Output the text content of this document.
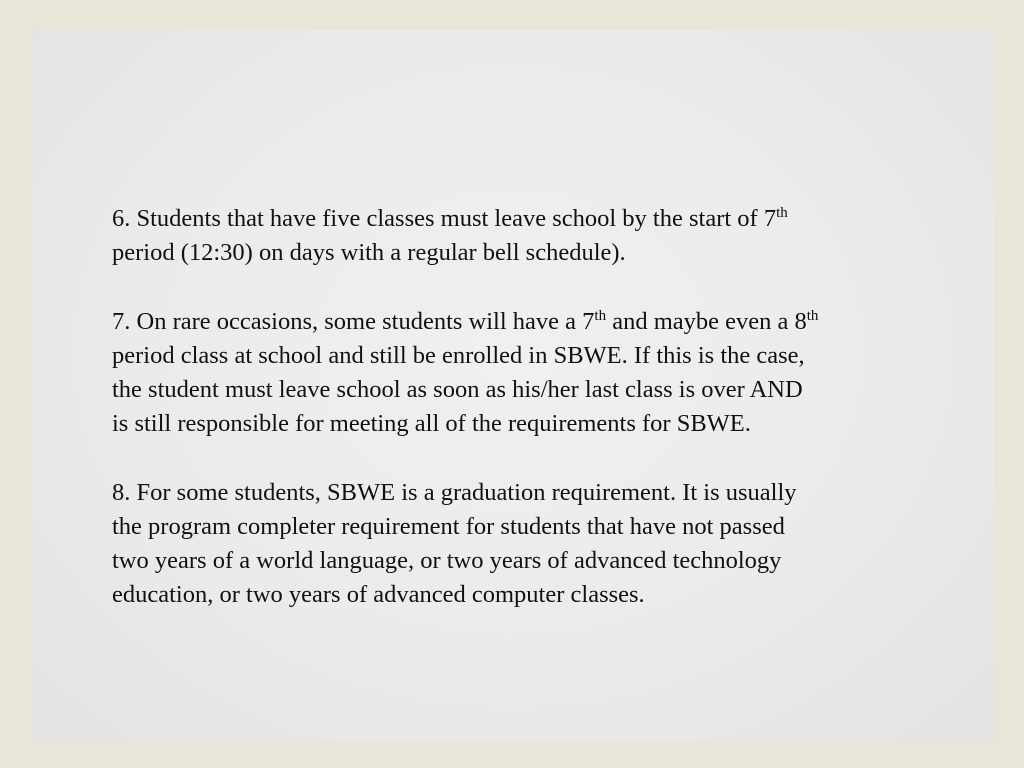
6. Students that have five classes must leave school by the start of 7th
period (12:30) on days with a regular bell schedule).
7. On rare occasions, some students will have a 7th and maybe even a 8th
period class at school and still be enrolled in SBWE. If this is the case,
the student must leave school as soon as his/her last class is over AND
is still responsible for meeting all of the requirements for SBWE.
8. For some students, SBWE is a graduation requirement. It is usually
the program completer requirement for students that have not passed
two years of a world language, or two years of advanced technology
education, or two years of advanced computer classes.
